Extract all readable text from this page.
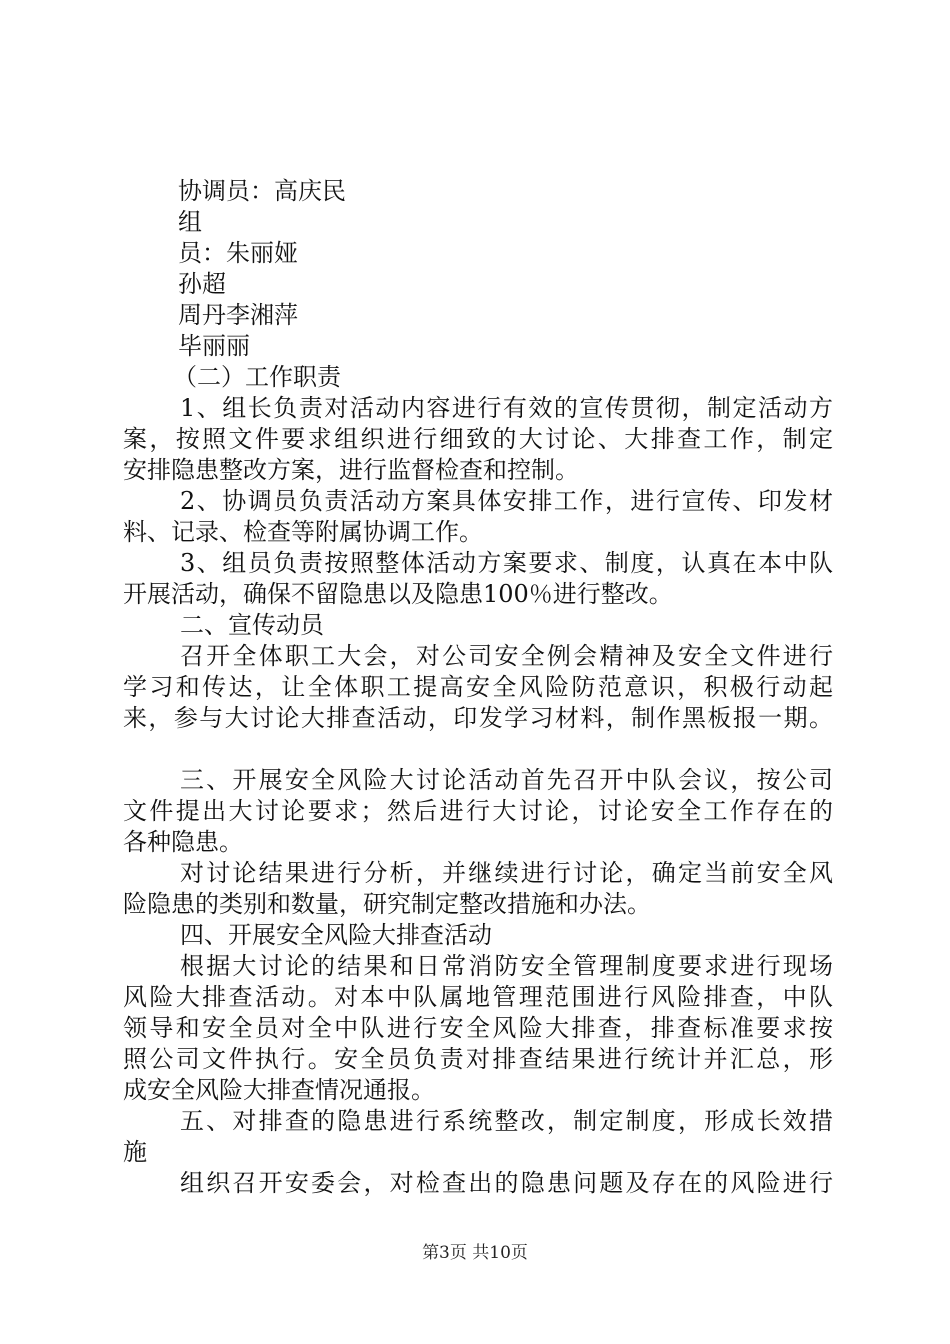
协调员：高庆民

组

员：朱丽娅

孙超

周丹李湘萍

毕丽丽

（二）工作职责

1、组长负责对活动内容进行有效的宣传贯彻，制定活动方

案，按照文件要求组织进行细致的大讨论、大排查工作，制定

安排隐患整改方案，进行监督检查和控制。

2、协调员负责活动方案具体安排工作，进行宣传、印发材

料、记录、检查等附属协调工作。

3、组员负责按照整体活动方案要求、制度，认真在本中队

开展活动，确保不留隐患以及隐患100％进行整改。

二、宣传动员

召开全体职工大会，对公司安全例会精神及安全文件进行

学习和传达，让全体职工提高安全风险防范意识，积极行动起

来，参与大讨论大排查活动，印发学习材料，制作黑板报一期。

三、开展安全风险大讨论活动首先召开中队会议，按公司

文件提出大讨论要求；然后进行大讨论，讨论安全工作存在的

各种隐患。

对讨论结果进行分析，并继续进行讨论，确定当前安全风

险隐患的类别和数量，研究制定整改措施和办法。

四、开展安全风险大排查活动

根据大讨论的结果和日常消防安全管理制度要求进行现场

风险大排查活动。对本中队属地管理范围进行风险排查，中队

领导和安全员对全中队进行安全风险大排查，排查标准要求按

照公司文件执行。安全员负责对排查结果进行统计并汇总，形

成安全风险大排查情况通报。

五、对排查的隐患进行系统整改，制定制度，形成长效措

施

组织召开安委会，对检查出的隐患问题及存在的风险进行

第3页 共10页
